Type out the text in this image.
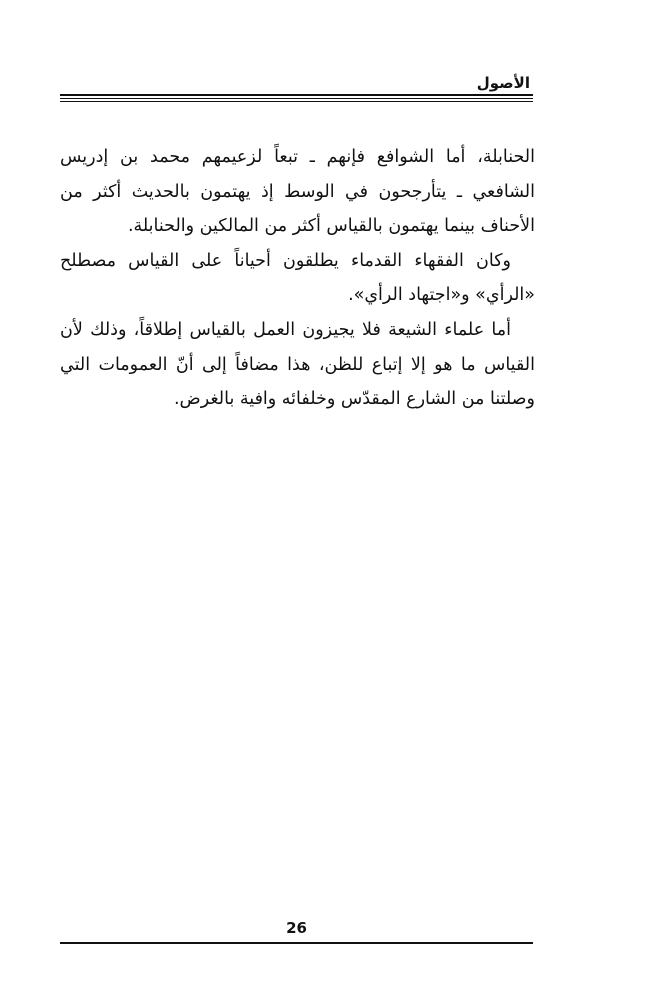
الأصول

الحنابلة، أما الشوافع فإنهم ـ تبعاً لزعيمهم محمد بن إدريس الشافعي ـ يتأرجحون في الوسط إذ يهتمون بالحديث أكثر من الأحناف بينما يهتمون بالقياس أكثر من المالكين والحنابلة.

وكان الفقهاء القدماء يطلقون أحياناً على القياس مصطلح «الرأي» و«اجتهاد الرأي».

أما علماء الشيعة فلا يجيزون العمل بالقياس إطلاقاً، وذلك لأن القياس ما هو إلا إتباع للظن، هذا مضافاً إلى أنّ العمومات التي وصلتنا من الشارع المقدّس وخلفائه وافية بالغرض.

26
